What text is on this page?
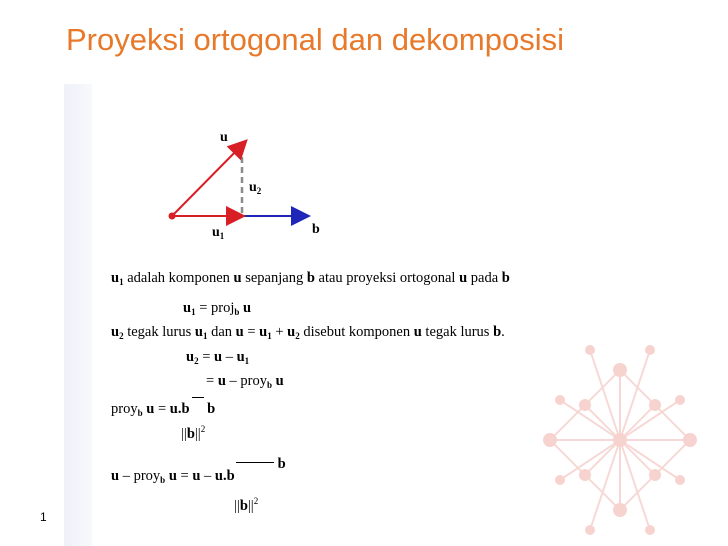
Proyeksi ortogonal dan dekomposisi
u
$u_2$
$u_1$	b
$u_1$ adalah komponen u sepanjang b atau proyeksi ortogonal u pada b
$u_1$ = proj$_b$ u
$u_2$ tegak lurus $u_1$ dan $u = u_1 + u_2$ disebut komponen u tegak lurus b.
$u_2 = u - u_1$
= u – proy$_b$ u
proy$_b$ u = u.b b
$||b||^2$
b
u – proy$_b$ u = u – u.b
$||b||^2$
1
